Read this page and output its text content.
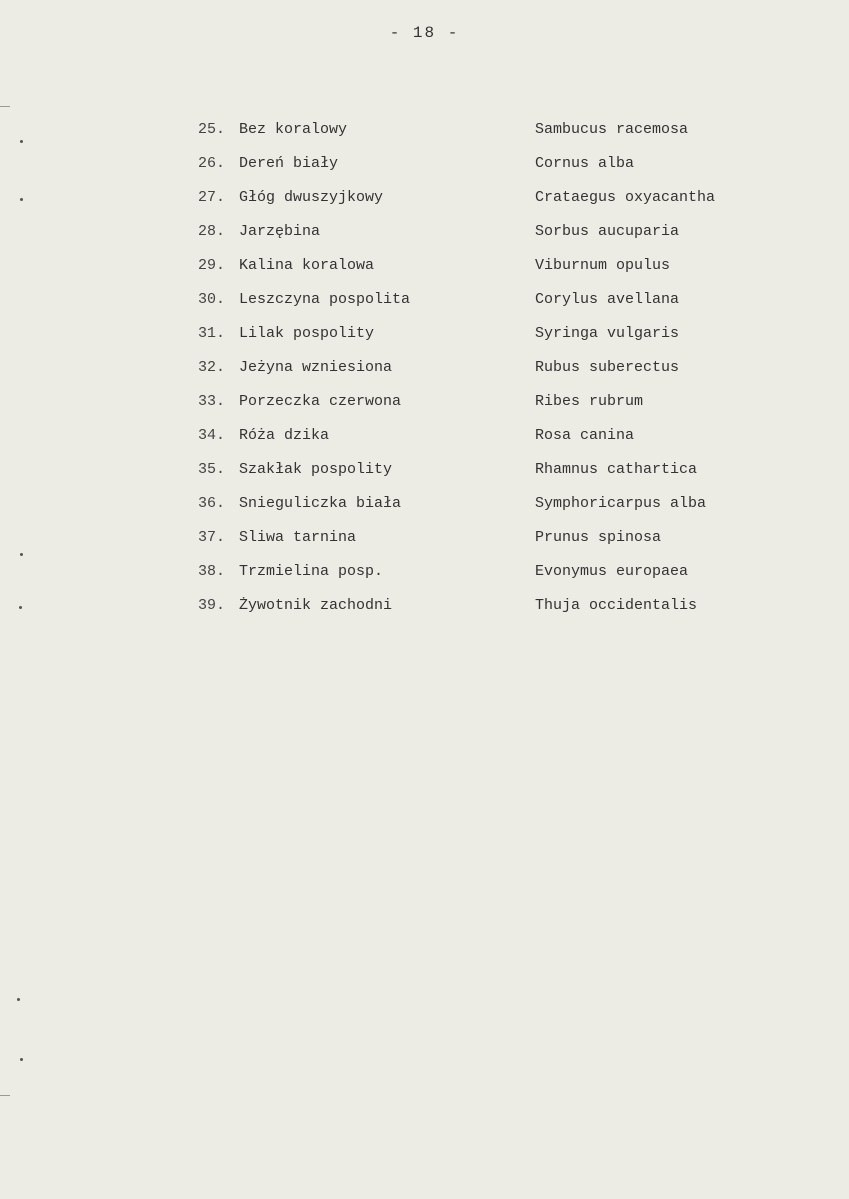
- 18 -
25. Bez koralowy	Sambucus racemosa
26. Dereń biały	Cornus alba
27. Głóg dwuszyjkowy	Crataegus oxyacantha
28. Jarzębina	Sorbus aucuparia
29. Kalina koralowa	Viburnum opulus
30. Leszczyna pospolita	Corylus avellana
31. Lilak pospolity	Syringa vulgaris
32. Jeżyna wzniesiona	Rubus suberectus
33. Porzeczka czerwona	Ribes rubrum
34. Róża dzika	Rosa canina
35. Szakłak pospolity	Rhamnus cathartica
36. Snieguliczka biała	Symphoricarpus alba
37. Sliwa tarnina	Prunus spinosa
38. Trzmielina posp.	Evonymus europaea
39. Żywotnik zachodni	Thuja occidentalis
